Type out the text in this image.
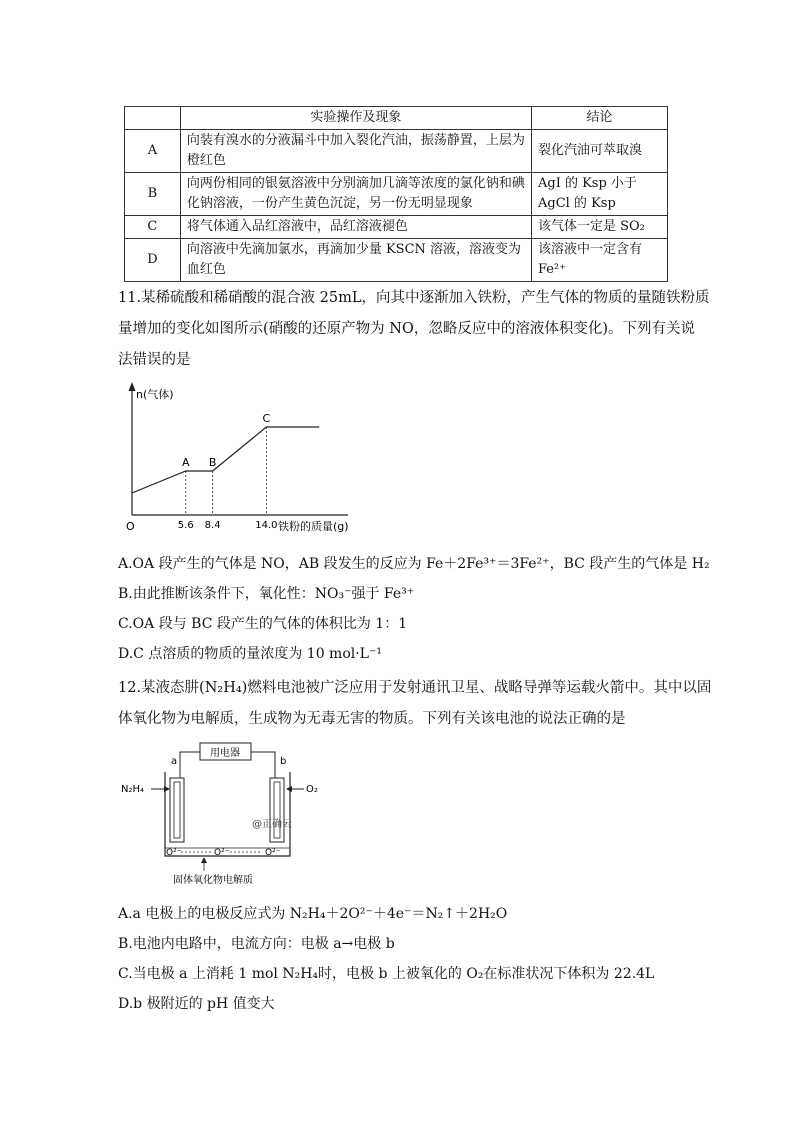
	实验操作及现象	结论
A	向装有溴水的分液漏斗中加入裂化汽油，振荡静置，上层为橙红色	裂化汽油可萃取溴
B	向两份相同的银氨溶液中分别滴加几滴等浓度的氯化钠和碘化钠溶液，一份产生黄色沉淀，另一份无明显现象	AgI 的 Ksp 小于 AgCl 的 Ksp
C	将气体通入品红溶液中，品红溶液褪色	该气体一定是 SO₂
D	向溶液中先滴加氯水，再滴加少量 KSCN 溶液，溶液变为血红色	该溶液中一定含有 Fe²⁺
11.某稀硫酸和稀硝酸的混合液 25mL，向其中逐渐加入铁粉，产生气体的物质的量随铁粉质
量增加的变化如图所示(硝酸的还原产物为 NO，忽略反应中的溶液体积变化)。下列有关说
法错误的是
n(气体)
O	铁粉的质量(g)
5.6 8.4	14.0
A B
C
A.OA 段产生的气体是 NO，AB 段发生的反应为 Fe＋2Fe³⁺＝3Fe²⁺，BC 段产生的气体是 H₂
B.由此推断该条件下，氧化性：NO₃⁻强于 Fe³⁺
C.OA 段与 BC 段产生的气体的体积比为 1：1
D.C 点溶质的物质的量浓度为 10 mol·L⁻¹
12.某液态肼(N₂H₄)燃料电池被广泛应用于发射通讯卫星、战略导弹等运载火箭中。其中以固
体氧化物为电解质，生成物为无毒无害的物质。下列有关该电池的说法正确的是
用电器
a	b
N₂H₄	O₂
@正确云
O²⁻	O²⁻	O²⁻
固体氧化物电解质
A.a 电极上的电极反应式为 N₂H₄＋2O²⁻＋4e⁻＝N₂↑＋2H₂O
B.电池内电路中，电流方向：电极 a→电极 b
C.当电极 a 上消耗 1 mol N₂H₄时，电极 b 上被氧化的 O₂在标准状况下体积为 22.4L
D.b 极附近的 pH 值变大
